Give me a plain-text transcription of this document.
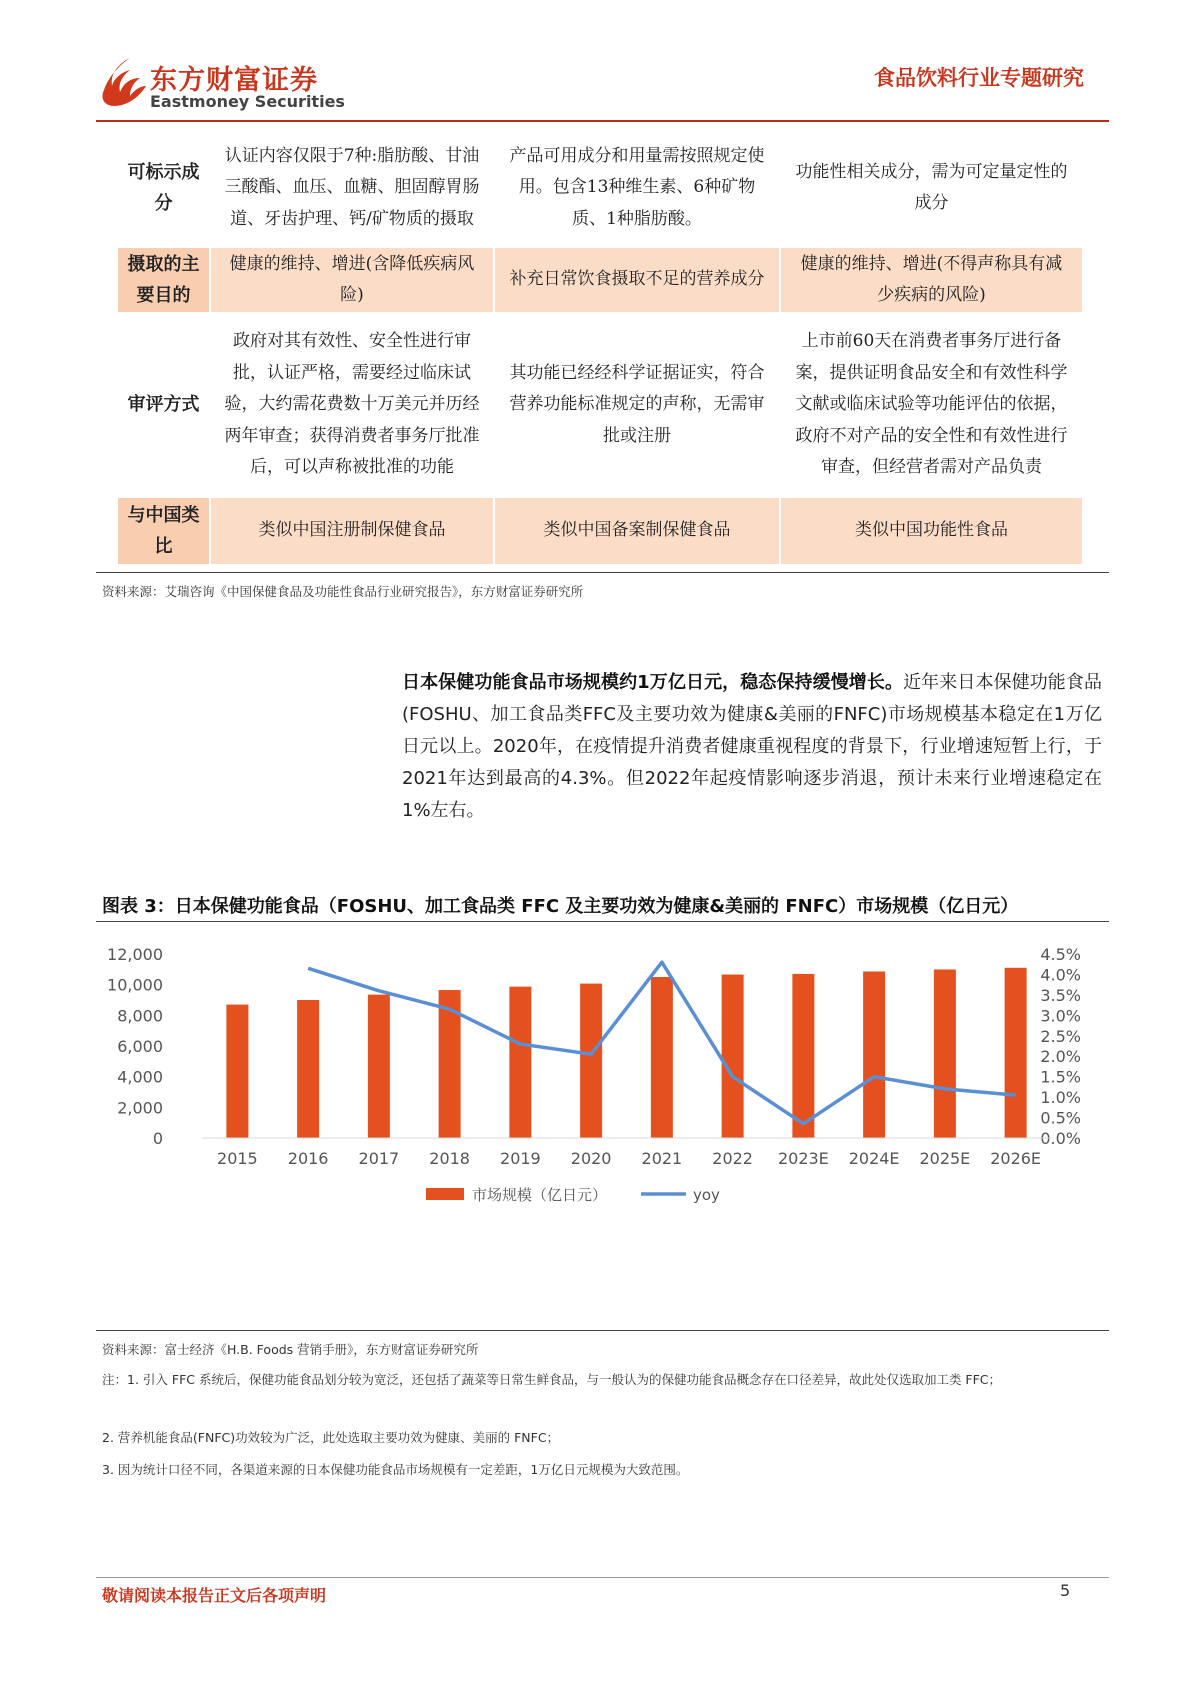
东方财富证券
Eastmoney Securities
食品饮料行业专题研究
可标示成分	认证内容仅限于7种:脂肪酸、甘油三酸酯、血压、血糖、胆固醇胃肠道、牙齿护理、钙/矿物质的摄取	产品可用成分和用量需按照规定使用。包含13种维生素、6种矿物质、1种脂肪酸。	功能性相关成分，需为可定量定性的成分
摄取的主要目的	健康的维持、增进(含降低疾病风险)	补充日常饮食摄取不足的营养成分	健康的维持、增进(不得声称具有减少疾病的风险)
审评方式	政府对其有效性、安全性进行审批，认证严格，需要经过临床试验，大约需花费数十万美元并历经两年审查；获得消费者事务厅批准后，可以声称被批准的功能	其功能已经经科学证据证实，符合营养功能标准规定的声称，无需审批或注册	上市前60天在消费者事务厅进行备案，提供证明食品安全和有效性科学文献或临床试验等功能评估的依据，政府不对产品的安全性和有效性进行审查，但经营者需对产品负责
与中国类比	类似中国注册制保健食品	类似中国备案制保健食品	类似中国功能性食品
资料来源：艾瑞咨询《中国保健食品及功能性食品行业研究报告》，东方财富证券研究所
日本保健功能食品市场规模约1万亿日元，稳态保持缓慢增长。近年来日本保健功能食品(FOSHU、加工食品类FFC及主要功效为健康&美丽的FNFC)市场规模基本稳定在1万亿日元以上。2020年，在疫情提升消费者健康重视程度的背景下，行业增速短暂上行，于2021年达到最高的4.3%。但2022年起疫情影响逐步消退，预计未来行业增速稳定在1%左右。
图表 3：日本保健功能食品（FOSHU、加工食品类 FFC 及主要功效为健康&美丽的 FNFC）市场规模（亿日元）
0
2,000
4,000
6,000
8,000
10,000
12,000
0.0%
0.5%
1.0%
1.5%
2.0%
2.5%
3.0%
3.5%
4.0%
4.5%
2015 2016 2017 2018 2019 2020 2021 2022 2023E 2024E 2025E 2026E
市场规模（亿日元）	yoy
资料来源：富士经济《H.B. Foods 营销手册》，东方财富证券研究所
注：1. 引入 FFC 系统后，保健功能食品划分较为宽泛，还包括了蔬菜等日常生鲜食品，与一般认为的保健功能食品概念存在口径差异，故此处仅选取加工类 FFC；
2. 营养机能食品(FNFC)功效较为广泛，此处选取主要功效为健康、美丽的 FNFC；
3. 因为统计口径不同，各渠道来源的日本保健功能食品市场规模有一定差距，1万亿日元规模为大致范围。
敬请阅读本报告正文后各项声明	5
